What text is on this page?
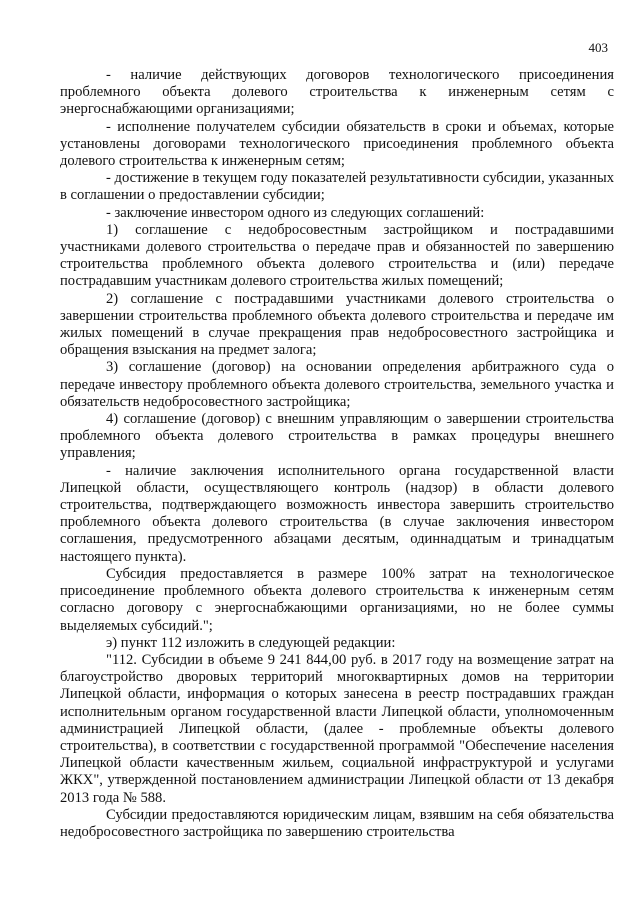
403

- наличие действующих договоров технологического присоединения проблемного объекта долевого строительства к инженерным сетям с энергоснабжающими организациями;

- исполнение получателем субсидии обязательств в сроки и объемах, которые установлены договорами технологического присоединения проблемного объекта долевого строительства к инженерным сетям;

- достижение в текущем году показателей результативности субсидии, указанных в соглашении о предоставлении субсидии;

- заключение инвестором одного из следующих соглашений:

1) соглашение с недобросовестным застройщиком и пострадавшими участниками долевого строительства о передаче прав и обязанностей по завершению строительства проблемного объекта долевого строительства и (или) передаче пострадавшим участникам долевого строительства жилых помещений;

2) соглашение с пострадавшими участниками долевого строительства о завершении строительства проблемного объекта долевого строительства и передаче им жилых помещений в случае прекращения прав недобросовестного застройщика и обращения взыскания на предмет залога;

3) соглашение (договор) на основании определения арбитражного суда о передаче инвестору проблемного объекта долевого строительства, земельного участка и обязательств недобросовестного застройщика;

4) соглашение (договор) с внешним управляющим о завершении строительства проблемного объекта долевого строительства в рамках процедуры внешнего управления;

- наличие заключения исполнительного органа государственной власти Липецкой области, осуществляющего контроль (надзор) в области долевого строительства, подтверждающего возможность инвестора завершить строительство проблемного объекта долевого строительства (в случае заключения инвестором соглашения, предусмотренного абзацами десятым, одиннадцатым и тринадцатым настоящего пункта).

Субсидия предоставляется в размере 100% затрат на технологическое присоединение проблемного объекта долевого строительства к инженерным сетям согласно договору с энергоснабжающими организациями, но не более суммы выделяемых субсидий.";

э) пункт 112 изложить в следующей редакции:

"112. Субсидии в объеме 9 241 844,00 руб. в 2017 году на возмещение затрат на благоустройство дворовых территорий многоквартирных домов на территории Липецкой области, информация о которых занесена в реестр пострадавших граждан исполнительным органом государственной власти Липецкой области, уполномоченным администрацией Липецкой области, (далее - проблемные объекты долевого строительства), в соответствии с государственной программой "Обеспечение населения Липецкой области качественным жильем, социальной инфраструктурой и услугами ЖКХ", утвержденной постановлением администрации Липецкой области от 13 декабря 2013 года № 588.

Субсидии предоставляются юридическим лицам, взявшим на себя обязательства недобросовестного застройщика по завершению строительства
